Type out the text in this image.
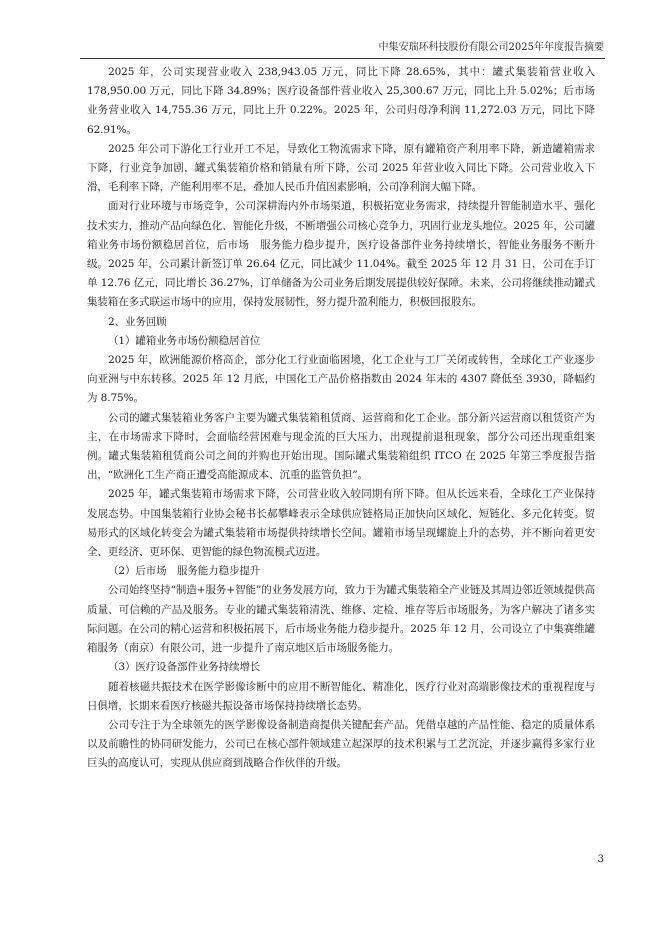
中集安瑞环科技股份有限公司2025年年度报告摘要

2025 年，公司实现营业收入 238,943.05 万元，同比下降 28.65%，其中：罐式集装箱营业收入 178,950.00 万元，同比下降 34.89%；医疗设备部件营业收入 25,300.67 万元，同比上升 5.02%；后市场业务营业收入 14,755.36 万元，同比上升 0.22%。2025 年，公司归母净利润 11,272.03 万元，同比下降 62.91%。

2025 年公司下游化工行业开工不足，导致化工物流需求下降，原有罐箱资产利用率下降，新造罐箱需求下降，行业竞争加剧，罐式集装箱价格和销量有所下降，公司 2025 年营业收入同比下降。公司营业收入下滑，毛利率下降，产能利用率不足，叠加人民币升值因素影响，公司净利润大幅下降。

面对行业环境与市场竞争，公司深耕海内外市场渠道，积极拓宽业务需求，持续提升智能制造水平、强化技术实力，推动产品向绿色化、智能化升级，不断增强公司核心竞争力，巩固行业龙头地位。2025 年，公司罐箱业务市场份额稳居首位，后市场　服务能力稳步提升，医疗设备部件业务持续增长，智能业务服务不断升级。2025 年，公司累计新签订单 26.64 亿元，同比减少 11.04%。截至 2025 年 12 月 31 日，公司在手订单 12.76 亿元，同比增长 36.27%，订单储备为公司业务后期发展提供较好保障。未来，公司将继续推动罐式集装箱在多式联运市场中的应用，保持发展韧性，努力提升盈利能力，积极回报股东。

2、业务回顾

（1）罐箱业务市场份额稳居首位

2025 年，欧洲能源价格高企，部分化工行业面临困境，化工企业与工厂关闭或转售，全球化工产业逐步向亚洲与中东转移。2025 年 12 月底，中国化工产品价格指数由 2024 年末的 4307 降低至 3930，降幅约为 8.75%。

公司的罐式集装箱业务客户主要为罐式集装箱租赁商、运营商和化工企业。部分新兴运营商以租赁资产为主，在市场需求下降时，会面临经营困难与现金流的巨大压力，出现提前退租现象，部分公司还出现重组案例。罐式集装箱租赁商公司之间的并购也开始出现。国际罐式集装箱组织 ITCO 在 2025 年第三季度报告指出，“欧洲化工生产商正遭受高能源成本、沉重的监管负担”。

2025 年，罐式集装箱市场需求下降，公司营业收入较同期有所下降。但从长远来看，全球化工产业保持发展态势。中国集装箱行业协会秘书长郝攀峰表示全球供应链格局正加快向区域化、短链化、多元化转变。贸易形式的区域化转变会为罐式集装箱市场提供持续增长空间。罐箱市场呈现螺旋上升的态势，并不断向着更安全、更经济、更环保、更智能的绿色物流模式迈进。

（2）后市场　服务能力稳步提升

公司始终坚持“制造+服务+智能”的业务发展方向，致力于为罐式集装箱全产业链及其周边邻近领域提供高质量、可信赖的产品及服务。专业的罐式集装箱清洗、维修、定检、堆存等后市场服务，为客户解决了诸多实际问题。在公司的精心运营和积极拓展下，后市场业务能力稳步提升。2025 年 12 月，公司设立了中集赛维罐箱服务（南京）有限公司，进一步提升了南京地区后市场服务能力。

（3）医疗设备部件业务持续增长

随着核磁共振技术在医学影像诊断中的应用不断智能化、精准化，医疗行业对高端影像技术的重视程度与日俱增，长期来看医疗核磁共振设备市场保持持续增长态势。

公司专注于为全球领先的医学影像设备制造商提供关键配套产品。凭借卓越的产品性能、稳定的质量体系以及前瞻性的协同研发能力，公司已在核心部件领域建立起深厚的技术积累与工艺沉淀，并逐步赢得多家行业巨头的高度认可，实现从供应商到战略合作伙伴的升级。

3
